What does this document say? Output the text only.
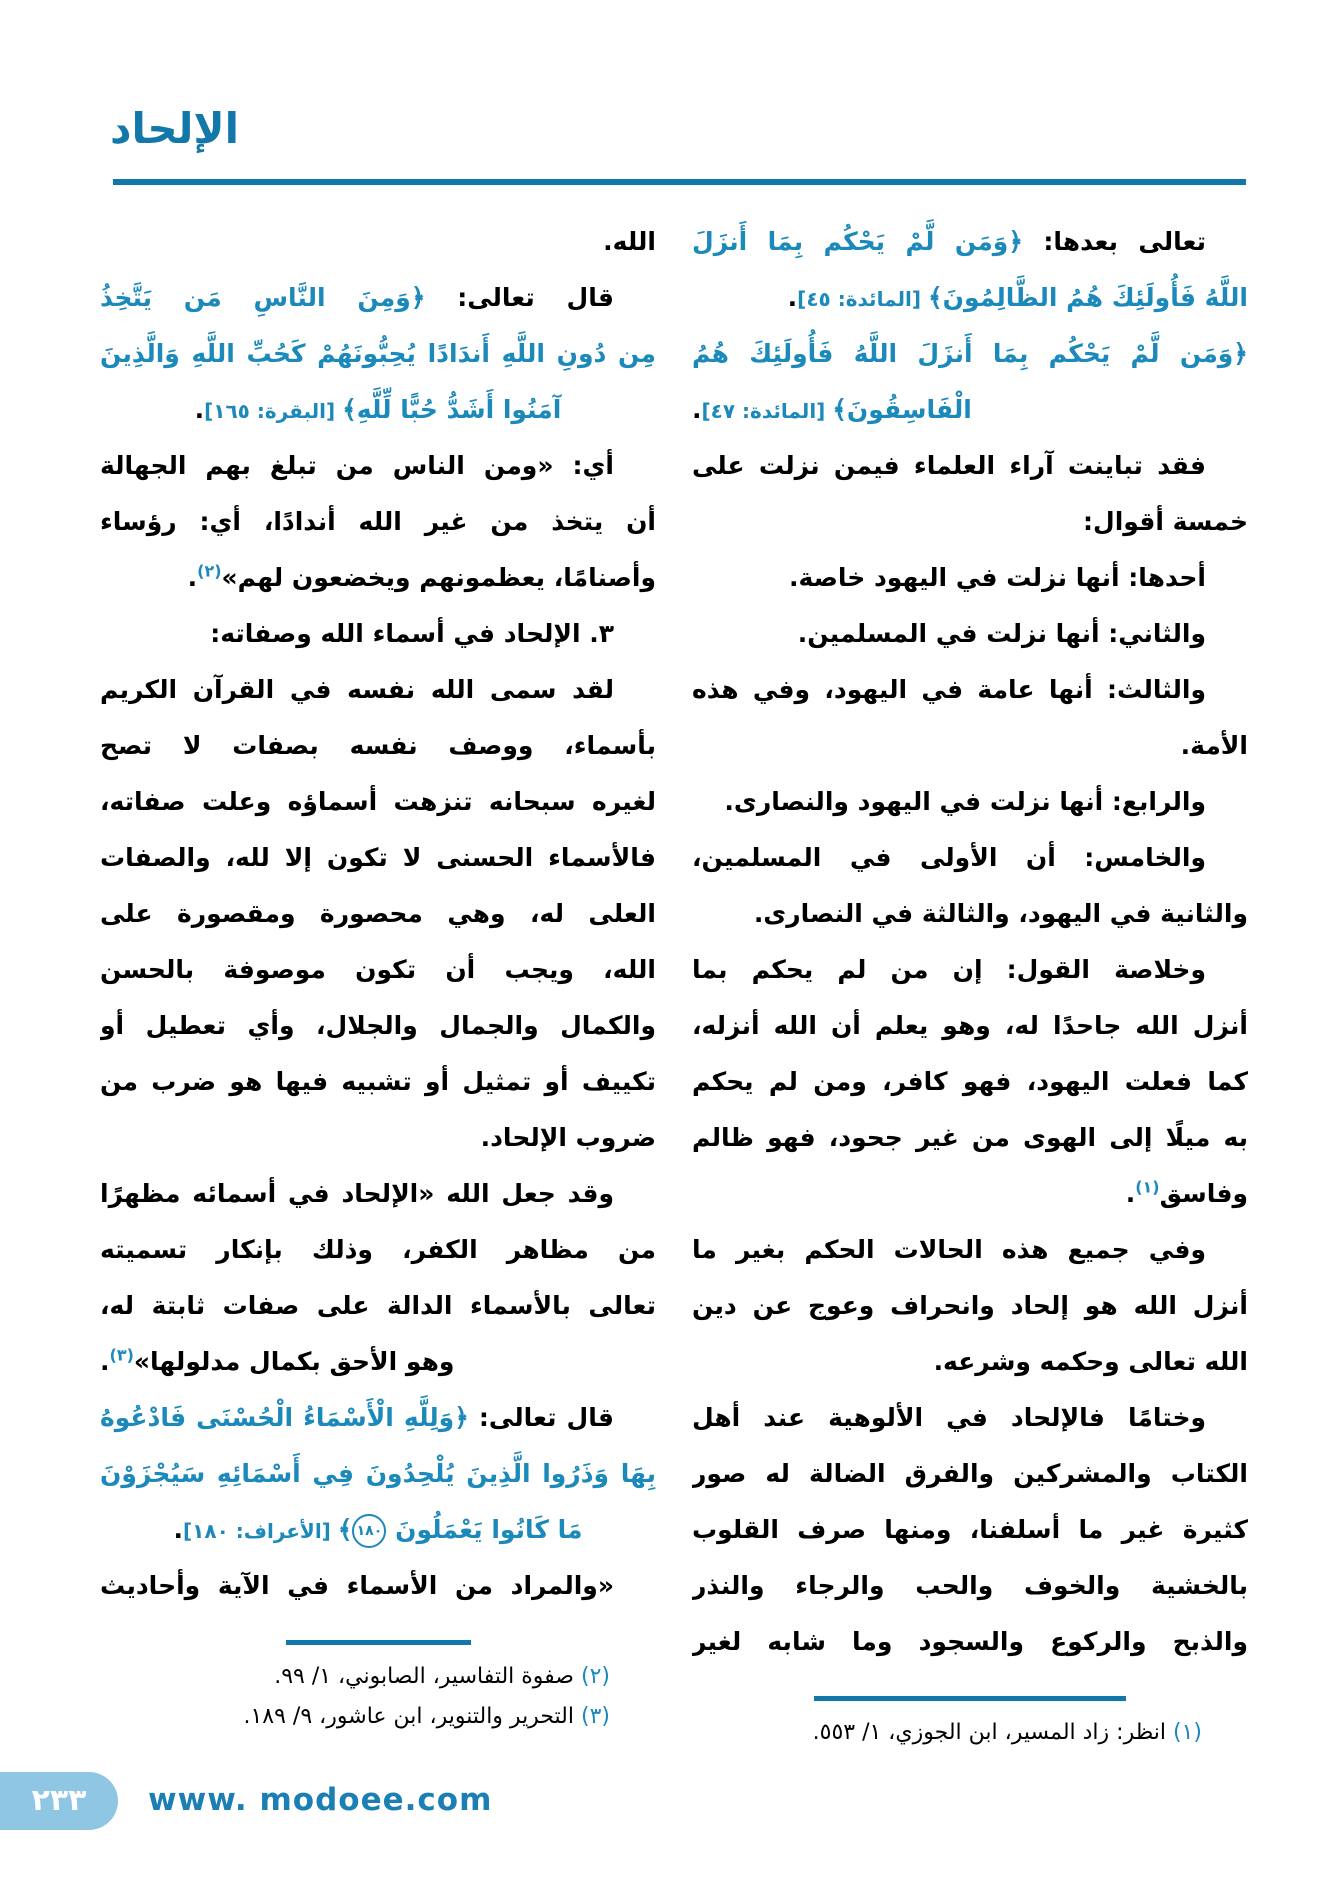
الإلحاد
تعالى بعدها: ﴿وَمَن لَّمْ يَحْكُم بِمَا أَنزَلَ
اللَّهُ فَأُولَئِكَ هُمُ الظَّالِمُونَ﴾ [المائدة: ٤٥].
﴿وَمَن لَّمْ يَحْكُم بِمَا أَنزَلَ اللَّهُ فَأُولَئِكَ هُمُ
الْفَاسِقُونَ﴾ [المائدة: ٤٧].
فقد تباينت آراء العلماء فيمن نزلت على
خمسة أقوال:
أحدها: أنها نزلت في اليهود خاصة.
والثاني: أنها نزلت في المسلمين.
والثالث: أنها عامة في اليهود، وفي هذه
الأمة.
والرابع: أنها نزلت في اليهود والنصارى.
والخامس: أن الأولى في المسلمين،
والثانية في اليهود، والثالثة في النصارى.
وخلاصة القول: إن من لم يحكم بما
أنزل الله جاحدًا له، وهو يعلم أن الله أنزله،
كما فعلت اليهود، فهو كافر، ومن لم يحكم
به ميلًا إلى الهوى من غير جحود، فهو ظالم
وفاسق$^{(١)}$.
وفي جميع هذه الحالات الحكم بغير ما
أنزل الله هو إلحاد وانحراف وعوج عن دين
الله تعالى وحكمه وشرعه.
وختامًا فالإلحاد في الألوهية عند أهل
الكتاب والمشركين والفرق الضالة له صور
كثيرة غير ما أسلفنا، ومنها صرف القلوب
بالخشية والخوف والحب والرجاء والنذر
والذبح والركوع والسجود وما شابه لغير
(١) انظر: زاد المسير، ابن الجوزي، ١/ ٥٥٣.
الله.
قال تعالى: ﴿وَمِنَ النَّاسِ مَن يَتَّخِذُ
مِن دُونِ اللَّهِ أَندَادًا يُحِبُّونَهُمْ كَحُبِّ اللَّهِ وَالَّذِينَ
آمَنُوا أَشَدُّ حُبًّا لِّلَّهِ﴾ [البقرة: ١٦٥].
أي: «ومن الناس من تبلغ بهم الجهالة
أن يتخذ من غير الله أندادًا، أي: رؤساء
وأصنامًا، يعظمونهم ويخضعون لهم»$^{(٢)}$.
٣. الإلحاد في أسماء الله وصفاته:
لقد سمى الله نفسه في القرآن الكريم
بأسماء، ووصف نفسه بصفات لا تصح
لغيره سبحانه تنزهت أسماؤه وعلت صفاته،
فالأسماء الحسنى لا تكون إلا لله، والصفات
العلى له، وهي محصورة ومقصورة على
الله، ويجب أن تكون موصوفة بالحسن
والكمال والجمال والجلال، وأي تعطيل أو
تكييف أو تمثيل أو تشبيه فيها هو ضرب من
ضروب الإلحاد.
وقد جعل الله «الإلحاد في أسمائه مظهرًا
من مظاهر الكفر، وذلك بإنكار تسميته
تعالى بالأسماء الدالة على صفات ثابتة له،
وهو الأحق بكمال مدلولها»$^{(٣)}$.
قال تعالى: ﴿وَلِلَّهِ الْأَسْمَاءُ الْحُسْنَى فَادْعُوهُ
بِهَا وَذَرُوا الَّذِينَ يُلْحِدُونَ فِي أَسْمَائِهِ سَيُجْزَوْنَ
مَا كَانُوا يَعْمَلُونَ ١٨٠﴾ [الأعراف: ١٨٠].
«والمراد من الأسماء في الآية وأحاديث
(٢) صفوة التفاسير، الصابوني، ١/ ٩٩.
(٣) التحرير والتنوير، ابن عاشور، ٩/ ١٨٩.
٢٣٣	www. modoee.com
